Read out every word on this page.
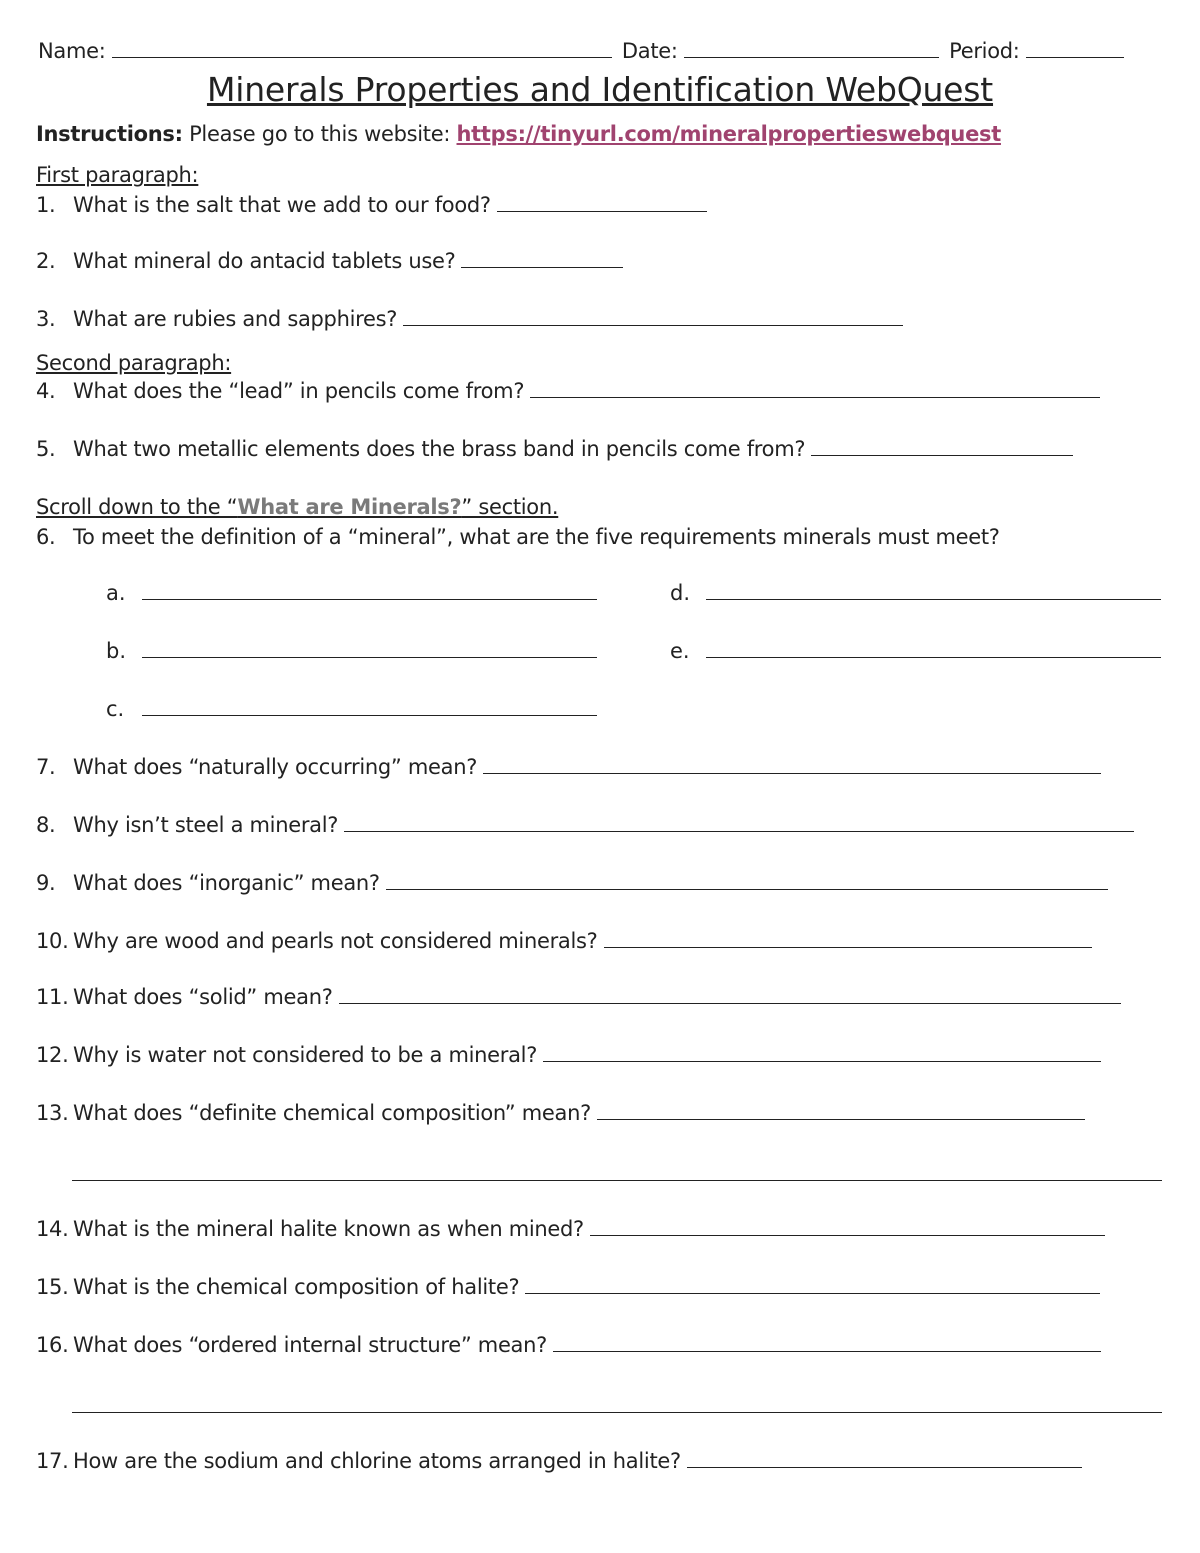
Name:	Date:	Period:
Minerals Properties and Identification WebQuest
Instructions: Please go to this website: https://tinyurl.com/mineralpropertieswebquest
First paragraph:
1. What is the salt that we add to our food?
2. What mineral do antacid tablets use?
3. What are rubies and sapphires?
Second paragraph:
4. What does the “lead” in pencils come from?
5. What two metallic elements does the brass band in pencils come from?
Scroll down to the “What are Minerals?” section.
6. To meet the definition of a “mineral”, what are the five requirements minerals must meet?
a.
b.
c.
d.
e.
7. What does “naturally occurring” mean?
8. Why isn’t steel a mineral?
9. What does “inorganic” mean?
10. Why are wood and pearls not considered minerals?
11. What does “solid” mean?
12. Why is water not considered to be a mineral?
13. What does “definite chemical composition” mean?
14. What is the mineral halite known as when mined?
15. What is the chemical composition of halite?
16. What does “ordered internal structure” mean?
17. How are the sodium and chlorine atoms arranged in halite?
